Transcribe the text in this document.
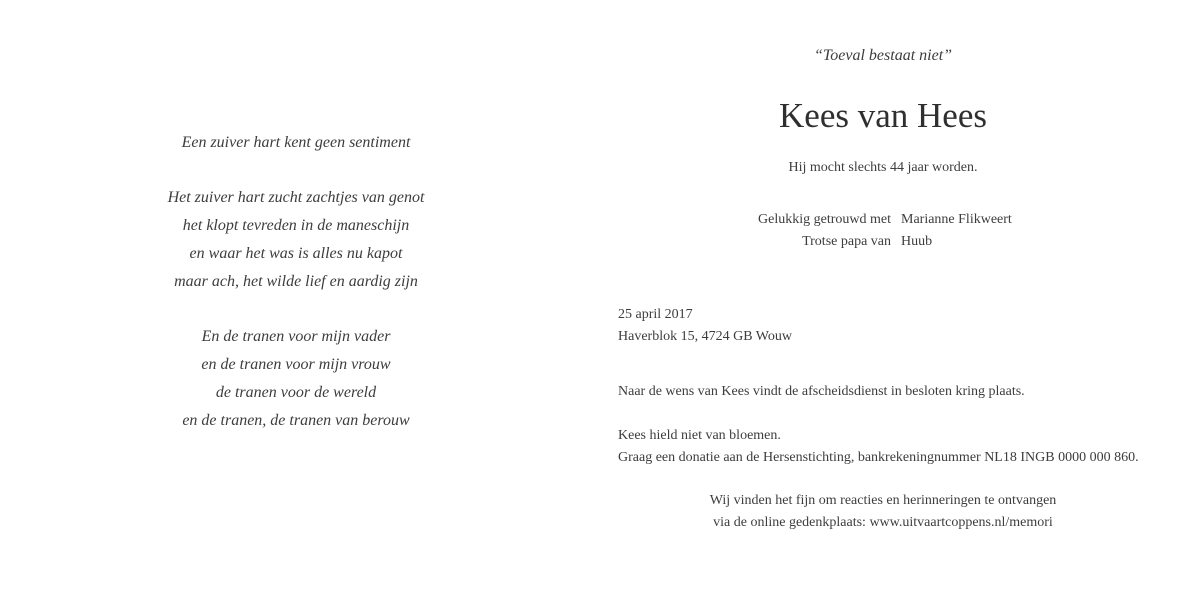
Een zuiver hart kent geen sentiment
Het zuiver hart zucht zachtjes van genot
het klopt tevreden in de maneschijn
en waar het was is alles nu kapot
maar ach, het wilde lief en aardig zijn
En de tranen voor mijn vader
en de tranen voor mijn vrouw
de tranen voor de wereld
en de tranen, de tranen van berouw
“Toeval bestaat niet”
Kees van Hees
Hij mocht slechts 44 jaar worden.
Gelukkig getrouwd met Marianne Flikweert
Trotse papa van Huub
25 april 2017
Haverblok 15, 4724 GB Wouw
Naar de wens van Kees vindt de afscheidsdienst in besloten kring plaats.
Kees hield niet van bloemen.
Graag een donatie aan de Hersenstichting, bankrekeningnummer NL18 INGB 0000 000 860.
Wij vinden het fijn om reacties en herinneringen te ontvangen
via de online gedenkplaats: www.uitvaartcoppens.nl/memori
